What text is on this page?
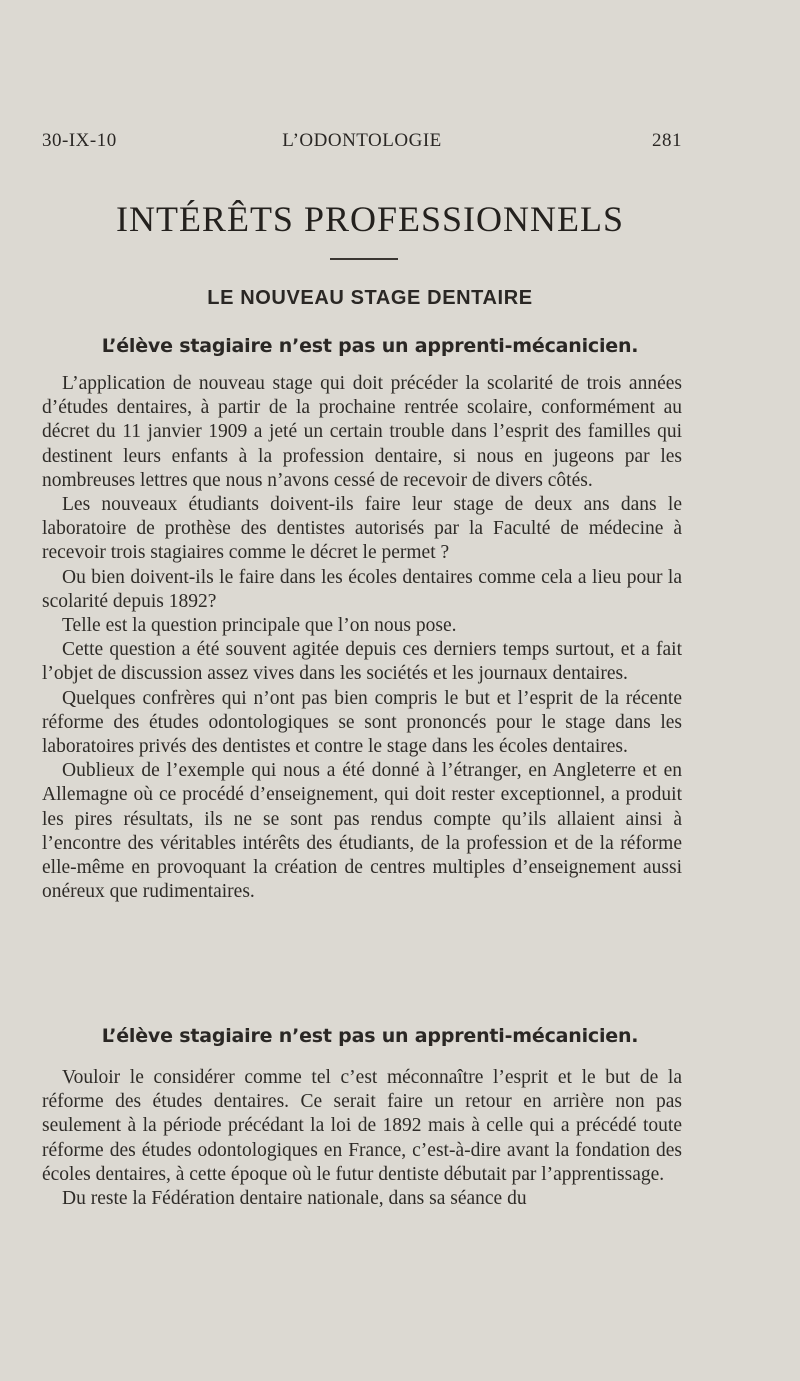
30-IX-10	L’ODONTOLOGIE	281
INTÉRÊTS PROFESSIONNELS
LE NOUVEAU STAGE DENTAIRE
L’élève stagiaire n’est pas un apprenti-mécanicien.

L’application de nouveau stage qui doit précéder la scolarité de trois années d’études dentaires, à partir de la prochaine rentrée scolaire, conformément au décret du 11 janvier 1909 a jeté un certain trouble dans l’esprit des familles qui destinent leurs enfants à la profession dentaire, si nous en jugeons par les nombreuses lettres que nous n’avons cessé de recevoir de divers côtés.

Les nouveaux étudiants doivent-ils faire leur stage de deux ans dans le laboratoire de prothèse des dentistes autorisés par la Faculté de médecine à recevoir trois stagiaires comme le décret le permet ?

Ou bien doivent-ils le faire dans les écoles dentaires comme cela a lieu pour la scolarité depuis 1892?

Telle est la question principale que l’on nous pose.

Cette question a été souvent agitée depuis ces derniers temps surtout, et a fait l’objet de discussion assez vives dans les sociétés et les journaux dentaires.

Quelques confrères qui n’ont pas bien compris le but et l’esprit de la récente réforme des études odontologiques se sont prononcés pour le stage dans les laboratoires privés des dentistes et contre le stage dans les écoles dentaires.

Oublieux de l’exemple qui nous a été donné à l’étranger, en Angleterre et en Allemagne où ce procédé d’enseignement, qui doit rester exceptionnel, a produit les pires résultats, ils ne se sont pas rendus compte qu’ils allaient ainsi à l’encontre des véritables intérêts des étudiants, de la profession et de la réforme elle-même en provoquant la création de centres multiples d’enseignement aussi onéreux que rudimentaires.

L’élève stagiaire n’est pas un apprenti-mécanicien.

Vouloir le considérer comme tel c’est méconnaître l’esprit et le but de la réforme des études dentaires. Ce serait faire un retour en arrière non pas seulement à la période précédant la loi de 1892 mais à celle qui a précédé toute réforme des études odontologiques en France, c’est-à-dire avant la fondation des écoles dentaires, à cette époque où le futur dentiste débutait par l’apprentissage.

Du reste la Fédération dentaire nationale, dans sa séance du
